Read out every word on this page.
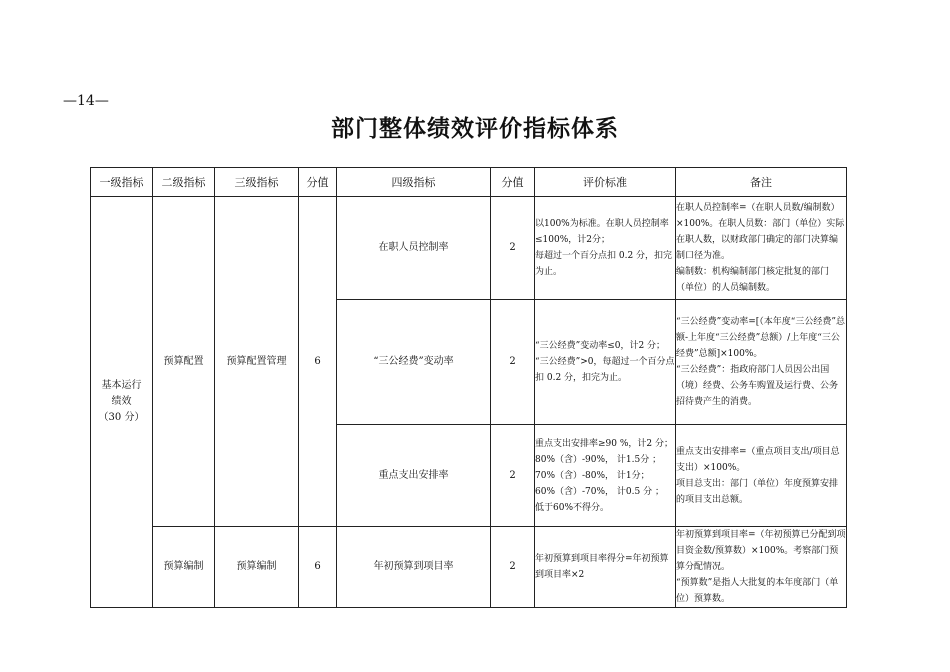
—14—
部门整体绩效评价指标体系
一级指标	二级指标	三级指标	分值	四级指标	分值	评价标准	备注

基本运行
绩效
（30 分）	预算配置	预算配置管理	6	在职人员控制率	2	以100%为标准。在职人员控制率≤100%，计2分；
每超过一个百分点扣 0.2 分，扣完为止。	在职人员控制率=（在职人员数/编制数）×100%。在职人员数：部门（单位）实际在职人数，以财政部门确定的部门决算编制口径为准。
编制数：机构编制部门核定批复的部门（单位）的人员编制数。

				“三公经费”变动率	2	“三公经费”变动率≤0，计2 分；
“三公经费”>0，每超过一个百分点扣 0.2 分，扣完为止。	“三公经费”变动率=[（本年度“三公经费”总额-上年度“三公经费”总额）/上年度“三公经费”总额]×100%。
“三公经费”：指政府部门人员因公出国（境）经费、公务车购置及运行费、公务招待费产生的消费。

				重点支出安排率	2	重点支出安排率≥90 %，计2 分；
80%（含）-90%， 计1.5分 ；
70%（含）-80%， 计1分；
60%（含）-70%， 计0.5 分 ；
低于60%不得分。	重点支出安排率=（重点项目支出/项目总支出）×100%。
项目总支出：部门（单位）年度预算安排的项目支出总额。

	预算编制	预算编制	6	年初预算到项目率	2	年初预算到项目率得分=年初预算到项目率×2	年初预算到项目率=（年初预算已分配到项目资金数/预算数）×100%。考察部门预算分配情况。
“预算数”是指人大批复的本年度部门（单位）预算数。
